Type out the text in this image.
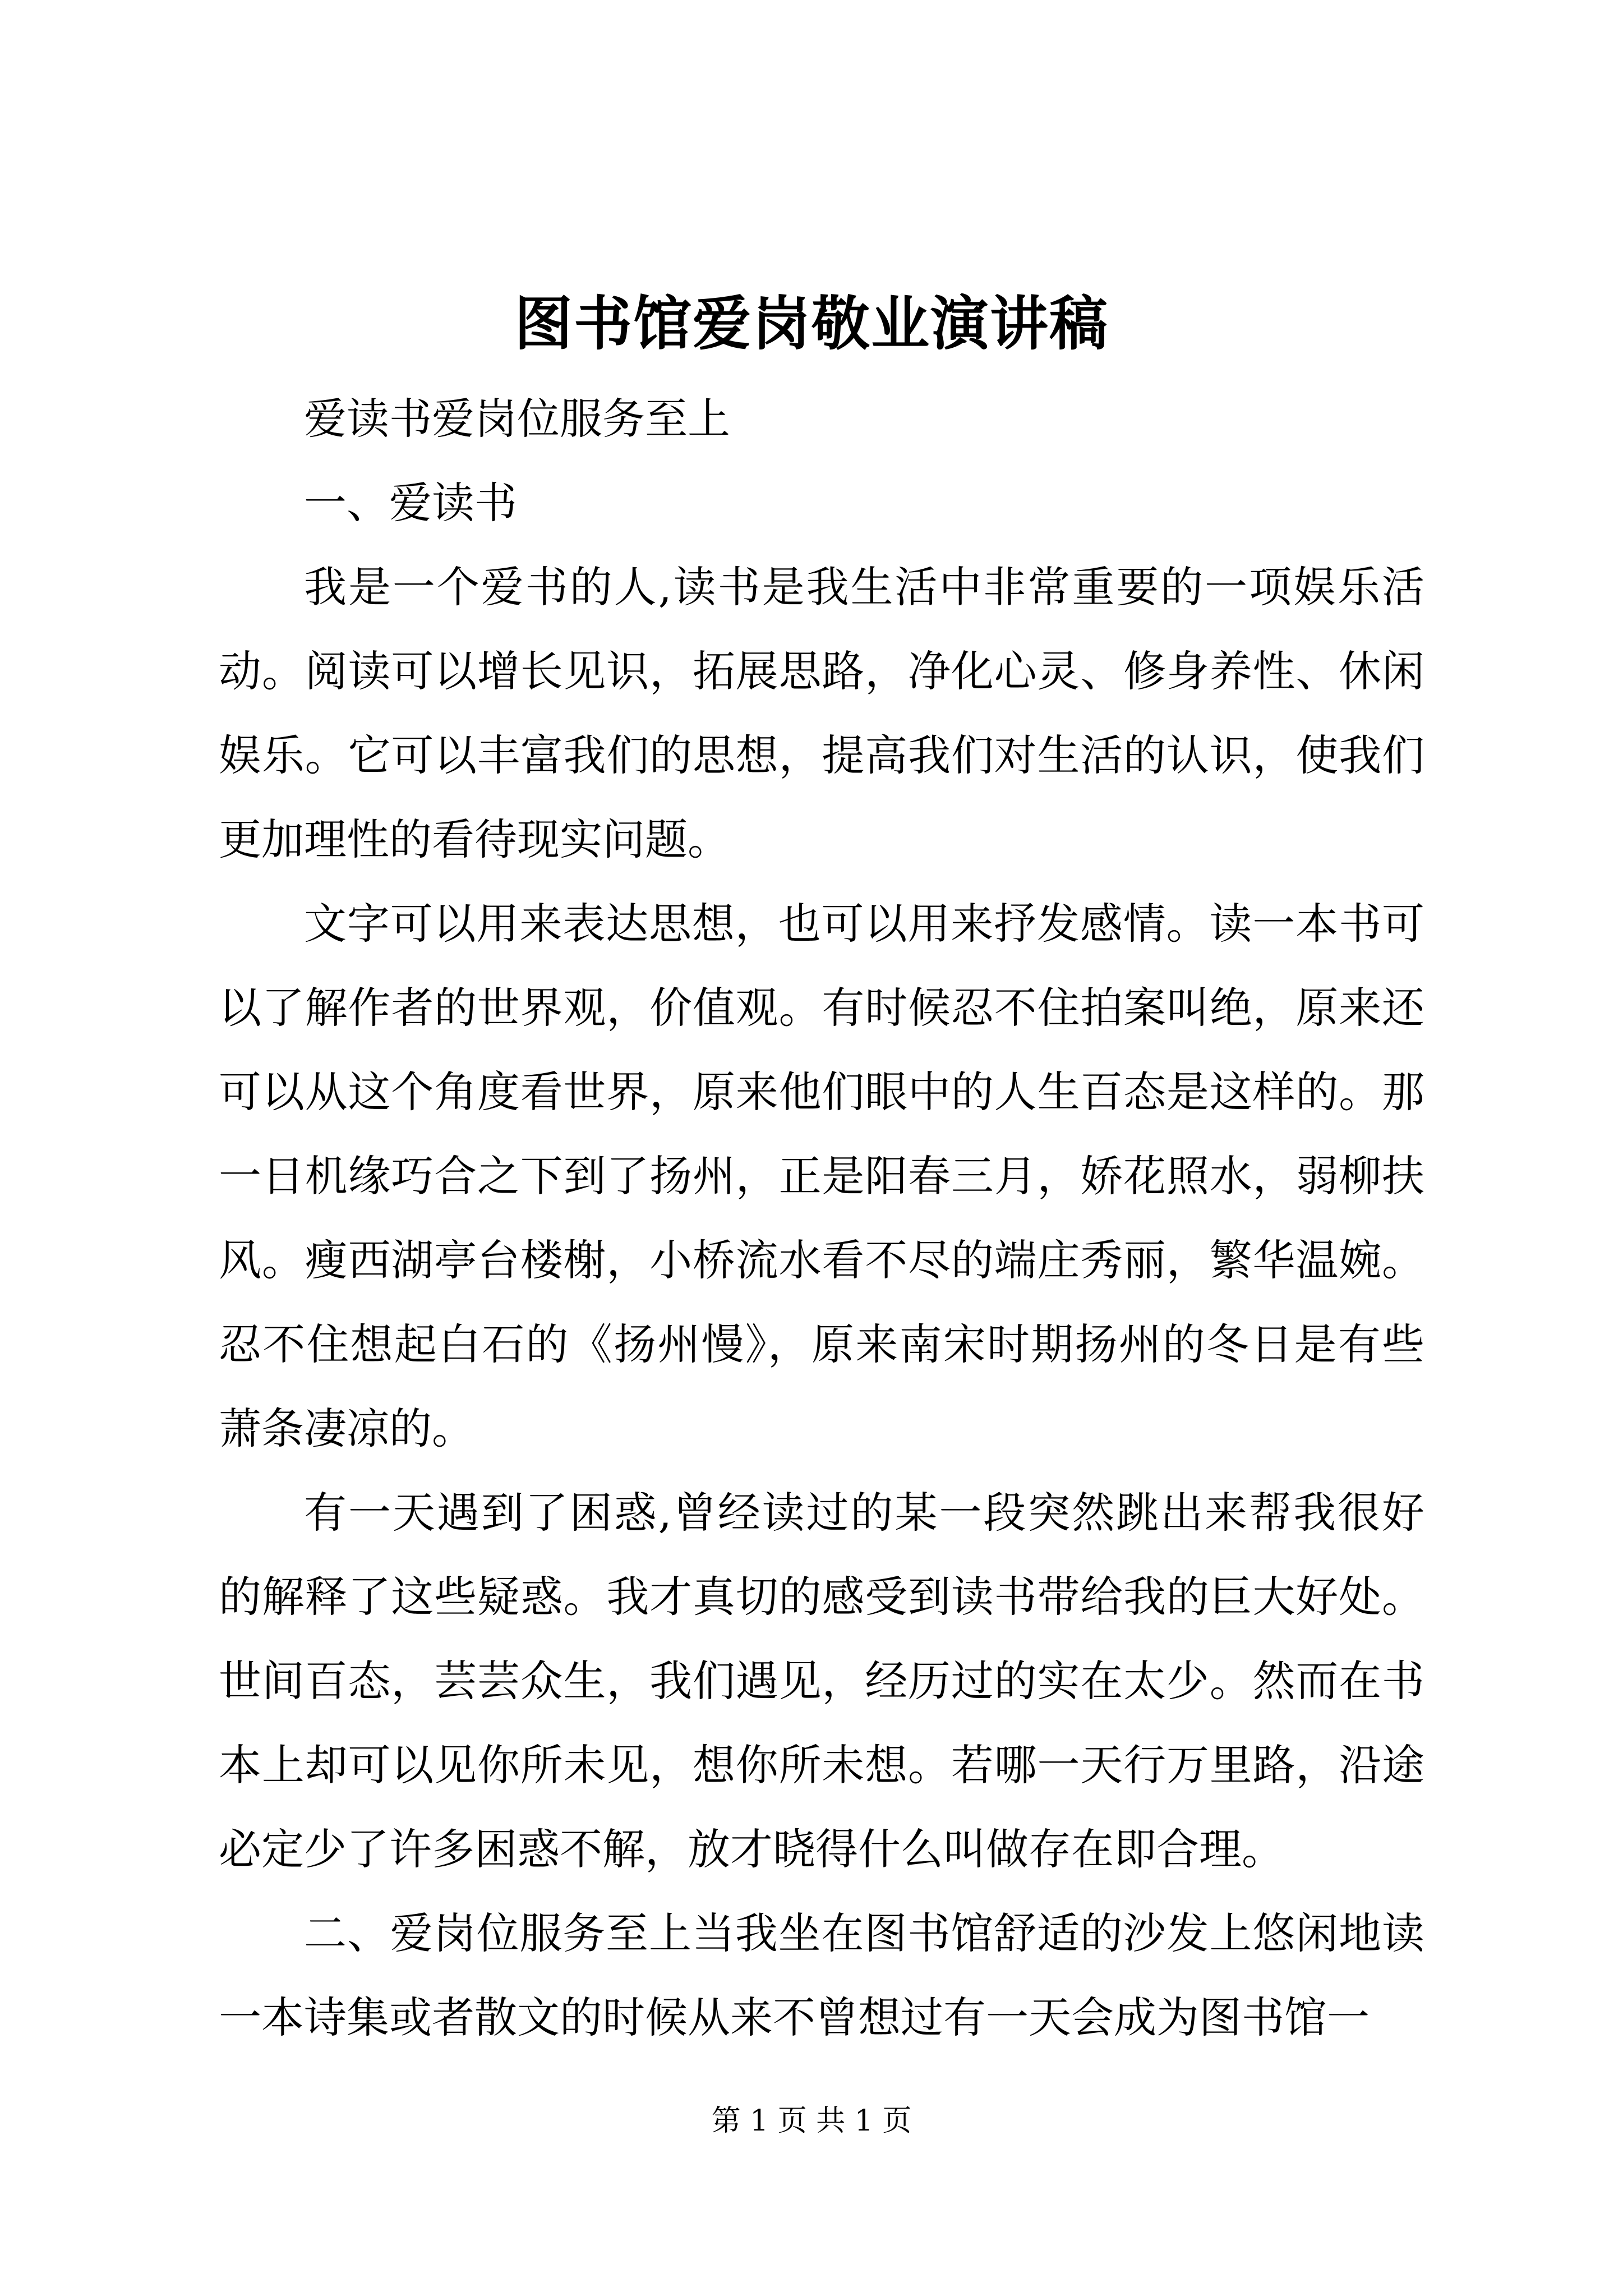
图书馆爱岗敬业演讲稿

爱读书爱岗位服务至上

一、爱读书

我是一个爱书的人,读书是我生活中非常重要的一项娱乐活动。阅读可以增长见识，拓展思路，净化心灵、修身养性、休闲娱乐。它可以丰富我们的思想，提高我们对生活的认识，使我们更加理性的看待现实问题。

文字可以用来表达思想，也可以用来抒发感情。读一本书可以了解作者的世界观，价值观。有时候忍不住拍案叫绝，原来还可以从这个角度看世界，原来他们眼中的人生百态是这样的。那一日机缘巧合之下到了扬州，正是阳春三月，娇花照水，弱柳扶风。瘦西湖亭台楼榭，小桥流水看不尽的端庄秀丽，繁华温婉。忍不住想起白石的《扬州慢》，原来南宋时期扬州的冬日是有些萧条凄凉的。

有一天遇到了困惑,曾经读过的某一段突然跳出来帮我很好的解释了这些疑惑。我才真切的感受到读书带给我的巨大好处。世间百态，芸芸众生，我们遇见，经历过的实在太少。然而在书本上却可以见你所未见，想你所未想。若哪一天行万里路，沿途必定少了许多困惑不解，放才晓得什么叫做存在即合理。

二、爱岗位服务至上当我坐在图书馆舒适的沙发上悠闲地读一本诗集或者散文的时候从来不曾想过有一天会成为图书馆一

第 1 页 共 1 页
